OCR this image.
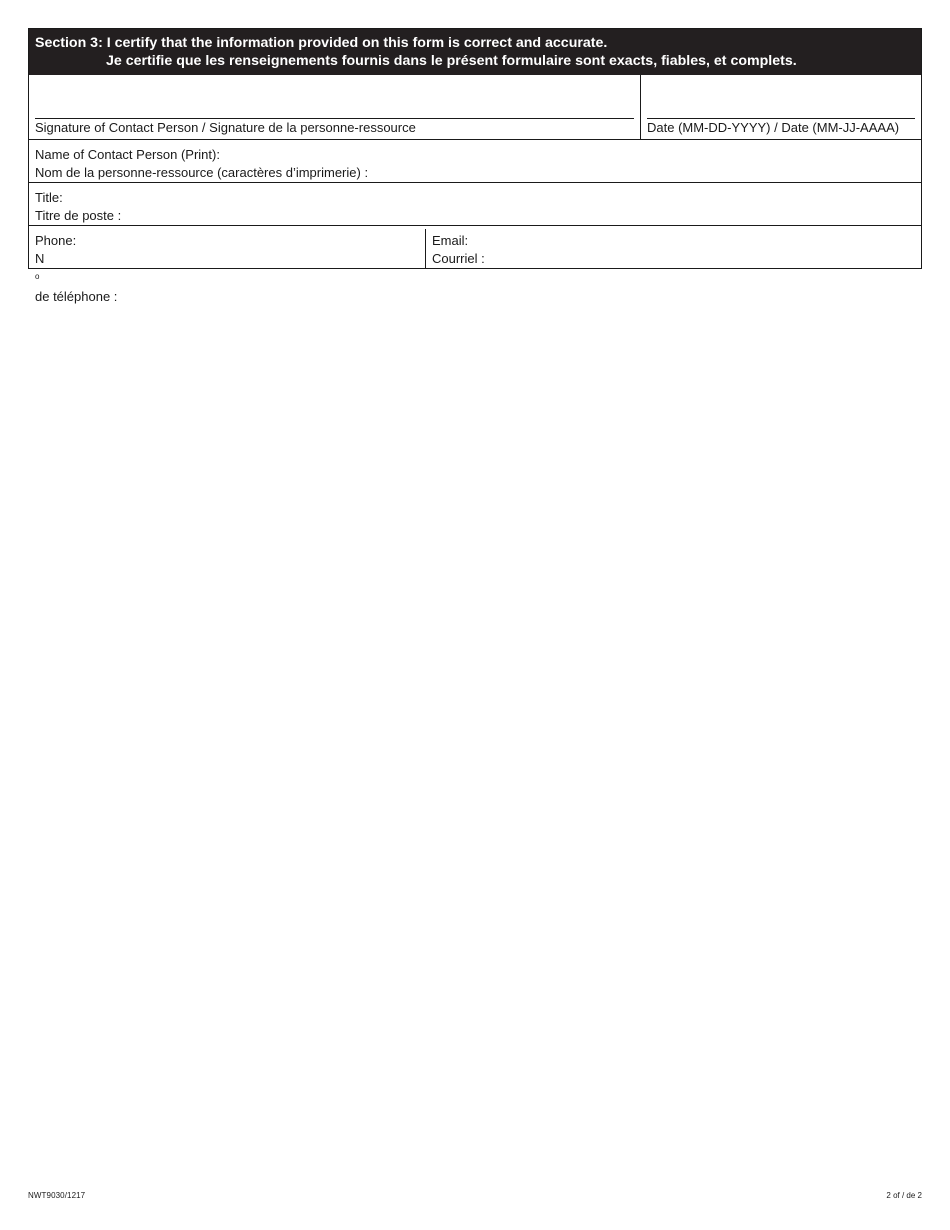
Section 3: I certify that the information provided on this form is correct and accurate.
Je certifie que les renseignements fournis dans le présent formulaire sont exacts, fiables, et complets.
Signature of Contact Person / Signature de la personne-ressource	Date (MM-DD-YYYY) / Date (MM-JJ-AAAA)
Name of Contact Person (Print):
Nom de la personne-ressource (caractères d’imprimerie) :
Title:
Titre de poste :
Phone:
N
$^o$
de téléphone :
Email:
Courriel :
NWT9030/1217	2 of / de 2
